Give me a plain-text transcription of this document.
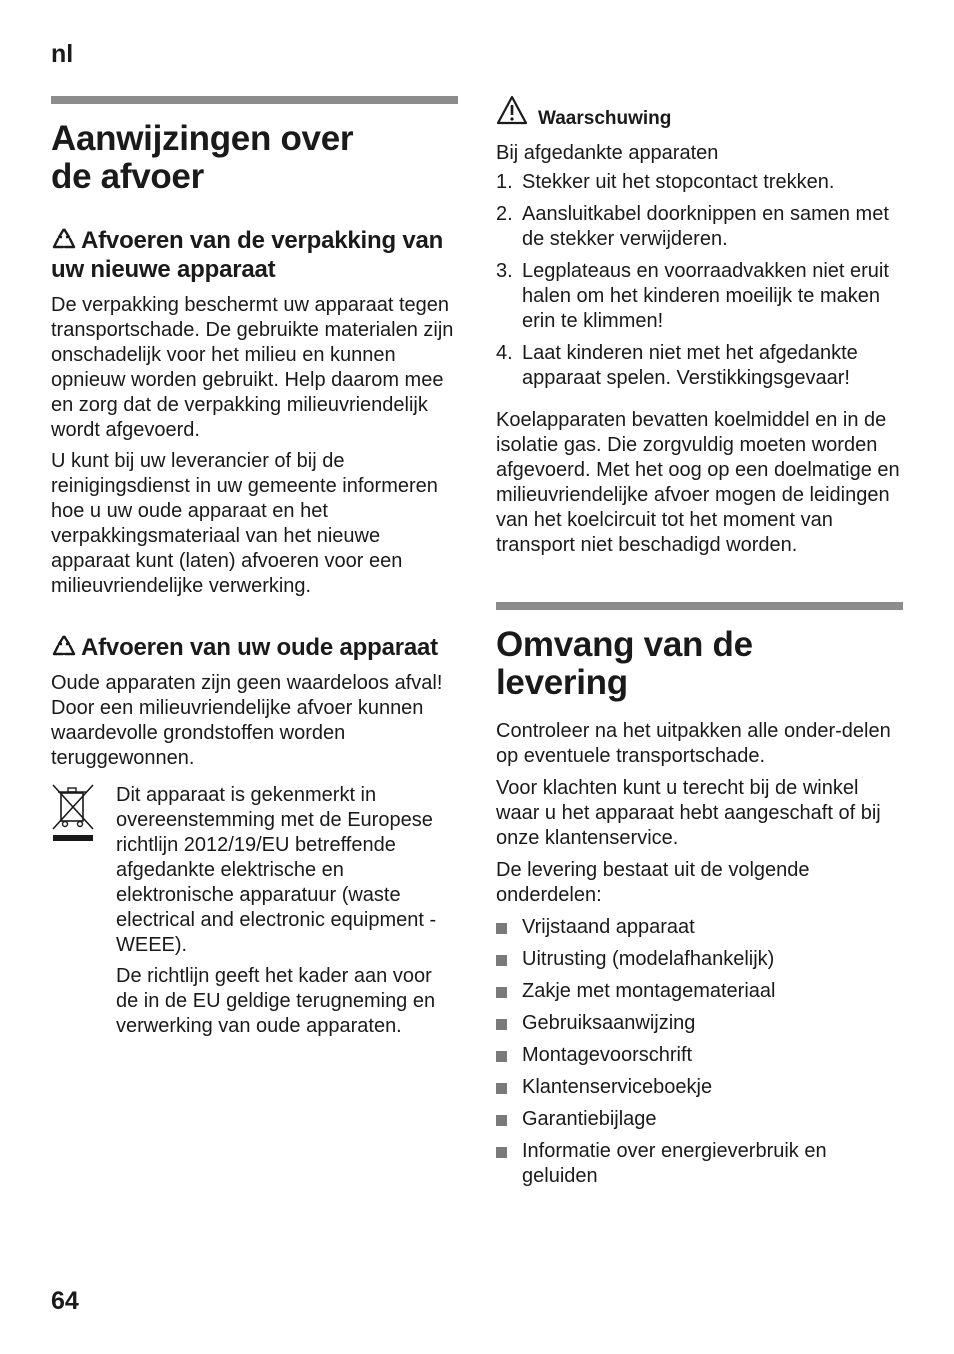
nl
Aanwijzingen over de afvoer
Afvoeren van de verpakking van uw nieuwe apparaat

De verpakking beschermt uw apparaat tegen transportschade. De gebruikte materialen zijn onschadelijk voor het milieu en kunnen opnieuw worden gebruikt. Help daarom mee en zorg dat de verpakking milieuvriendelijk wordt afgevoerd.

U kunt bij uw leverancier of bij de reinigingsdienst in uw gemeente informeren hoe u uw oude apparaat en het verpakkingsmateriaal van het nieuwe apparaat kunt (laten) afvoeren voor een milieuvriendelijke verwerking.

Afvoeren van uw oude apparaat

Oude apparaten zijn geen waardeloos afval! Door een milieuvriendelijke afvoer kunnen waardevolle grondstoffen worden teruggewonnen.

Dit apparaat is gekenmerkt in overeenstemming met de Europese richtlijn 2012/19/EU betreffende afgedankte elektrische en elektronische apparatuur (waste electrical and electronic equipment - WEEE).

De richtlijn geeft het kader aan voor de in de EU geldige terugneming en verwerking van oude apparaten.

Waarschuwing

Bij afgedankte apparaten

1. Stekker uit het stopcontact trekken.
2. Aansluitkabel doorknippen en samen met de stekker verwijderen.
3. Legplateaus en voorraadvakken niet eruit halen om het kinderen moeilijk te maken erin te klimmen!
4. Laat kinderen niet met het afgedankte apparaat spelen. Verstikkingsgevaar!

Koelapparaten bevatten koelmiddel en in de isolatie gas. Die zorgvuldig moeten worden afgevoerd. Met het oog op een doelmatige en milieuvriendelijke afvoer mogen de leidingen van het koelcircuit tot het moment van transport niet beschadigd worden.

Omvang van de levering

Controleer na het uitpakken alle onder-delen op eventuele transportschade.

Voor klachten kunt u terecht bij de winkel waar u het apparaat hebt aangeschaft of bij onze klantenservice.

De levering bestaat uit de volgende onderdelen:

Vrijstaand apparaat
Uitrusting (modelafhankelijk)
Zakje met montagemateriaal
Gebruiksaanwijzing
Montagevoorschrift
Klantenserviceboekje
Garantiebijlage
Informatie over energieverbruik en geluiden
64
